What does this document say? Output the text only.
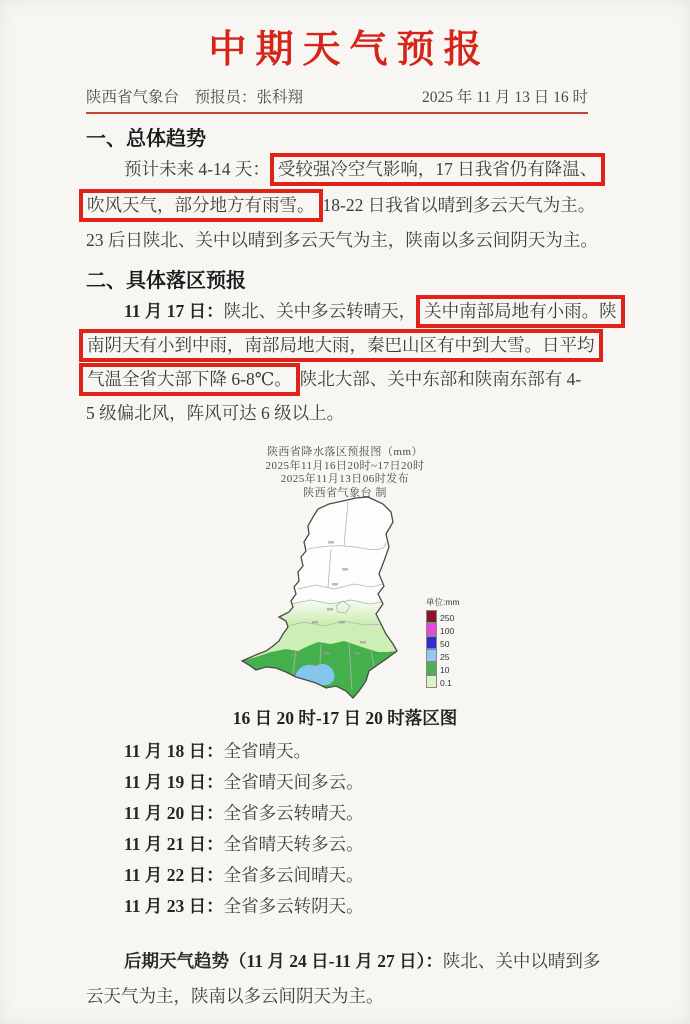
中期天气预报
陕西省气象台　预报员：张科翔	2025 年 11 月 13 日 16 时
一、总体趋势
预计未来 4-14 天： 受较强冷空气影响，17 日我省仍有降温、
吹风天气，部分地方有雨雪。 18-22 日我省以晴到多云天气为主。
23 后日陕北、关中以晴到多云天气为主，陕南以多云间阴天为主。
二、具体落区预报
11 月 17 日：陕北、关中多云转晴天， 关中南部局地有小雨。陕
南阴天有小到中雨，南部局地大雨，秦巴山区有中到大雪。日平均
气温全省大部下降 6-8℃。 陕北大部、关中东部和陕南东部有 4-
5 级偏北风，阵风可达 6 级以上。
陕西省降水落区预报图（mm）
2025年11月16日20时~17日20时
2025年11月13日06时发布
陕西省气象台 制
单位:mm
250
100
50
25
10
0.1
16 日 20 时-17 日 20 时落区图
11 月 18 日：全省晴天。
11 月 19 日：全省晴天间多云。
11 月 20 日：全省多云转晴天。
11 月 21 日：全省晴天转多云。
11 月 22 日：全省多云间晴天。
11 月 23 日：全省多云转阴天。
后期天气趋势（11 月 24 日-11 月 27 日）：陕北、关中以晴到多
云天气为主，陕南以多云间阴天为主。
